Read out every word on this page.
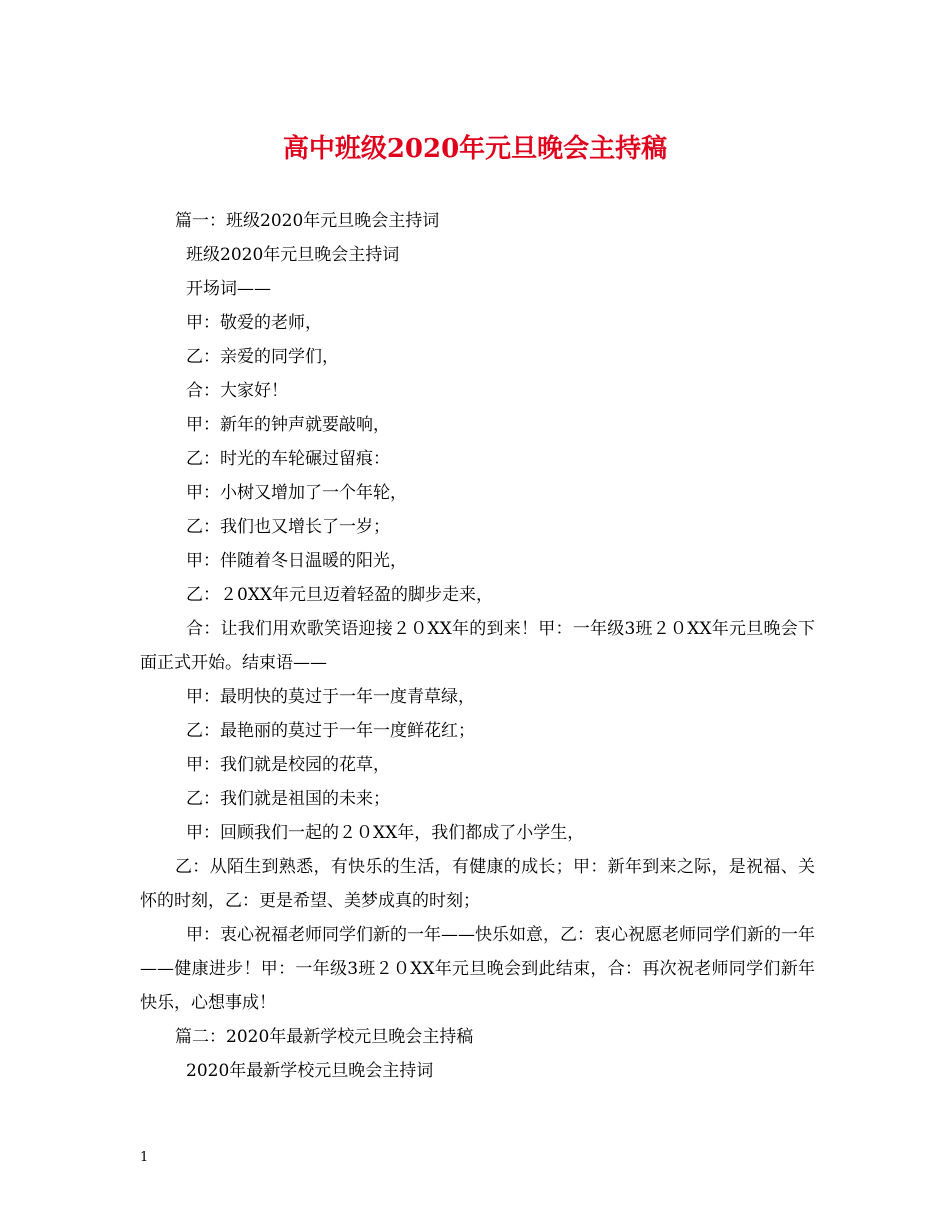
高中班级2020年元旦晚会主持稿

篇一：班级2020年元旦晚会主持词

班级2020年元旦晚会主持词

开场词——

甲：敬爱的老师，

乙：亲爱的同学们，

合：大家好！

甲：新年的钟声就要敲响，

乙：时光的车轮碾过留痕：

甲：小树又增加了一个年轮，

乙：我们也又增长了一岁；

甲：伴随着冬日温暖的阳光，

乙：２0XX年元旦迈着轻盈的脚步走来，

合：让我们用欢歌笑语迎接２０XX年的到来！甲：一年级3班２０XX年元旦晚会下面正式开始。结束语——

甲：最明快的莫过于一年一度青草绿，

乙：最艳丽的莫过于一年一度鲜花红；

甲：我们就是校园的花草，

乙：我们就是祖国的未来；

甲：回顾我们一起的２０XX年，我们都成了小学生，

乙：从陌生到熟悉，有快乐的生活，有健康的成长；甲：新年到来之际，是祝福、关怀的时刻，乙：更是希望、美梦成真的时刻；

甲：衷心祝福老师同学们新的一年——快乐如意，乙：衷心祝愿老师同学们新的一年——健康进步！甲：一年级3班２０XX年元旦晚会到此结束，合：再次祝老师同学们新年快乐，心想事成！

篇二：2020年最新学校元旦晚会主持稿

2020年最新学校元旦晚会主持词

1
